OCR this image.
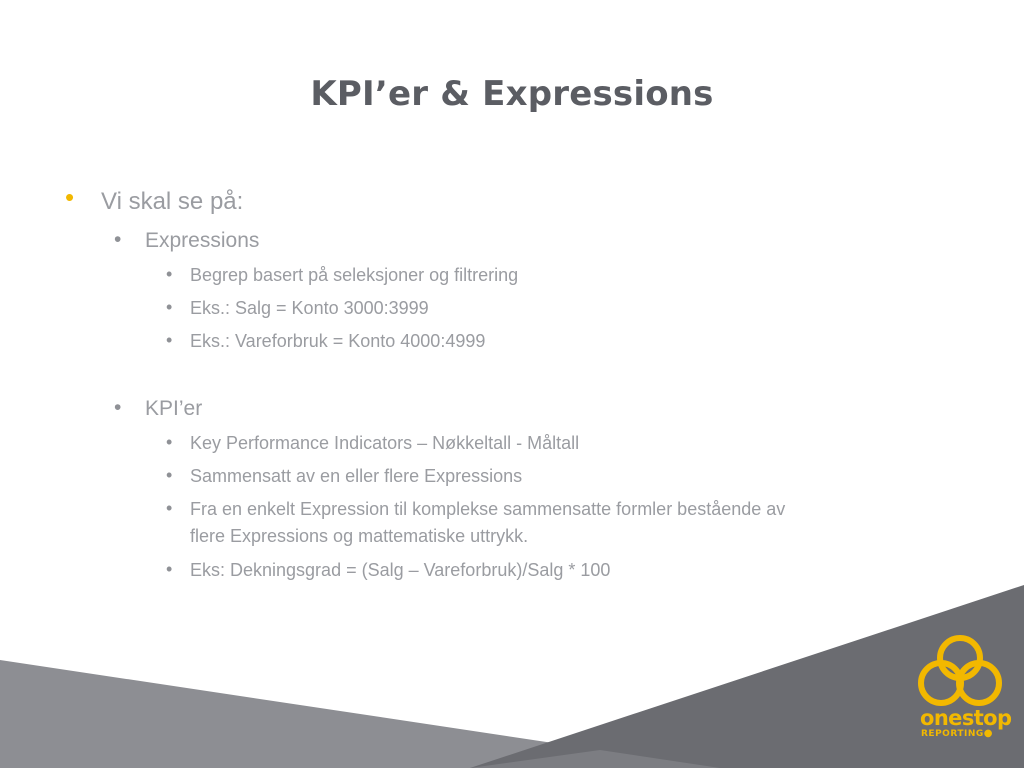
KPI’er & Expressions
• Vi skal se på:
• Expressions
• Begrep basert på seleksjoner og filtrering
• Eks.: Salg = Konto 3000:3999
• Eks.: Vareforbruk = Konto 4000:4999
• KPI’er
• Key Performance Indicators – Nøkkeltall - Måltall
• Sammensatt av en eller flere Expressions
• Fra en enkelt Expression til komplekse sammensatte formler bestående av
flere Expressions og mattematiske uttrykk.
• Eks: Dekningsgrad = (Salg – Vareforbruk)/Salg * 100
onestop
REPORTING●
